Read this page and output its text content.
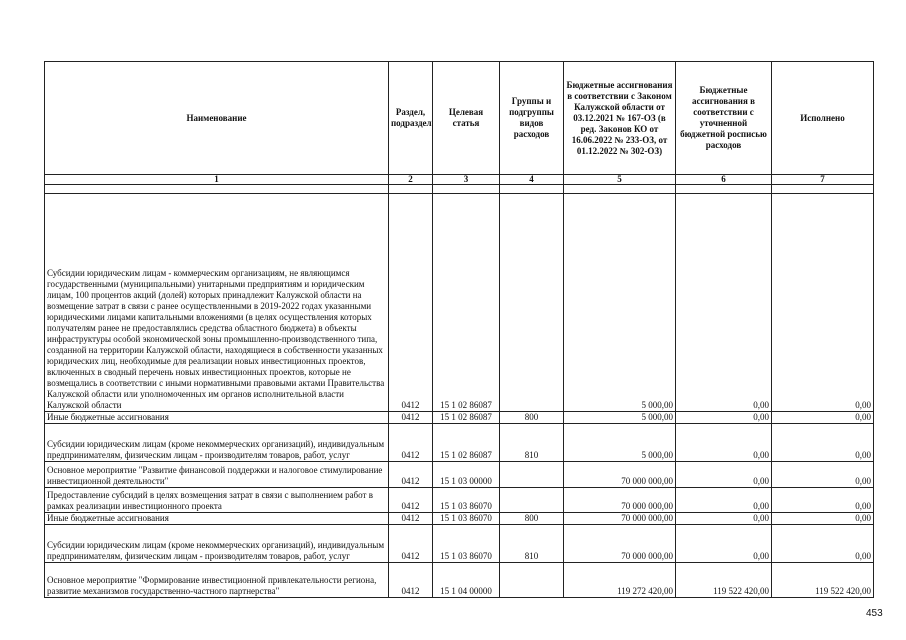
Наименование	Раздел, подраздел	Целевая статья	Группы и подгруппы видов расходов	Бюджетные ассигнования в соответствии с Законом Калужской области от 03.12.2021 № 167-ОЗ (в ред. Законов КО от 16.06.2022 № 233-ОЗ, от 01.12.2022 № 302-ОЗ)	Бюджетные ассигнования в соответствии с уточненной бюджетной росписью расходов	Исполнено
1	2	3	4	5	6	7

Субсидии юридическим лицам - коммерческим организациям, не являющимся государственными (муниципальными) унитарными предприятиям и юридическим лицам, 100 процентов акций (долей) которых принадлежит Калужской области на возмещение затрат в связи с ранее осуществленными в 2019-2022 годах указанными юридическими лицами капитальными вложениями (в целях осуществления которых получателям ранее не предоставлялись средства областного бюджета) в объекты инфраструктуры особой экономической зоны промышленно-производственного типа, созданной на территории Калужской области, находящиеся в собственности указанных юридических лиц, необходимые для реализации новых инвестиционных проектов, включенных в сводный перечень новых инвестиционных проектов, которые не возмещались в соответствии с иными нормативными правовыми актами Правительства Калужской области или уполномоченных им органов исполнительной власти Калужской области	0412	15 1 02 86087		5 000,00	0,00	0,00
Иные бюджетные ассигнования	0412	15 1 02 86087	800	5 000,00	0,00	0,00
Субсидии юридическим лицам (кроме некоммерческих организаций), индивидуальным предпринимателям, физическим лицам - производителям товаров, работ, услуг	0412	15 1 02 86087	810	5 000,00	0,00	0,00
Основное мероприятие "Развитие финансовой поддержки и налоговое стимулирование инвестиционной деятельности"	0412	15 1 03 00000		70 000 000,00	0,00	0,00
Предоставление субсидий в целях возмещения затрат в связи с выполнением работ в рамках реализации инвестиционного проекта	0412	15 1 03 86070		70 000 000,00	0,00	0,00
Иные бюджетные ассигнования	0412	15 1 03 86070	800	70 000 000,00	0,00	0,00
Субсидии юридическим лицам (кроме некоммерческих организаций), индивидуальным предпринимателям, физическим лицам - производителям товаров, работ, услуг	0412	15 1 03 86070	810	70 000 000,00	0,00	0,00
Основное мероприятие "Формирование инвестиционной привлекательности региона, развитие механизмов государственно-частного партнерства"	0412	15 1 04 00000		119 272 420,00	119 522 420,00	119 522 420,00
453
